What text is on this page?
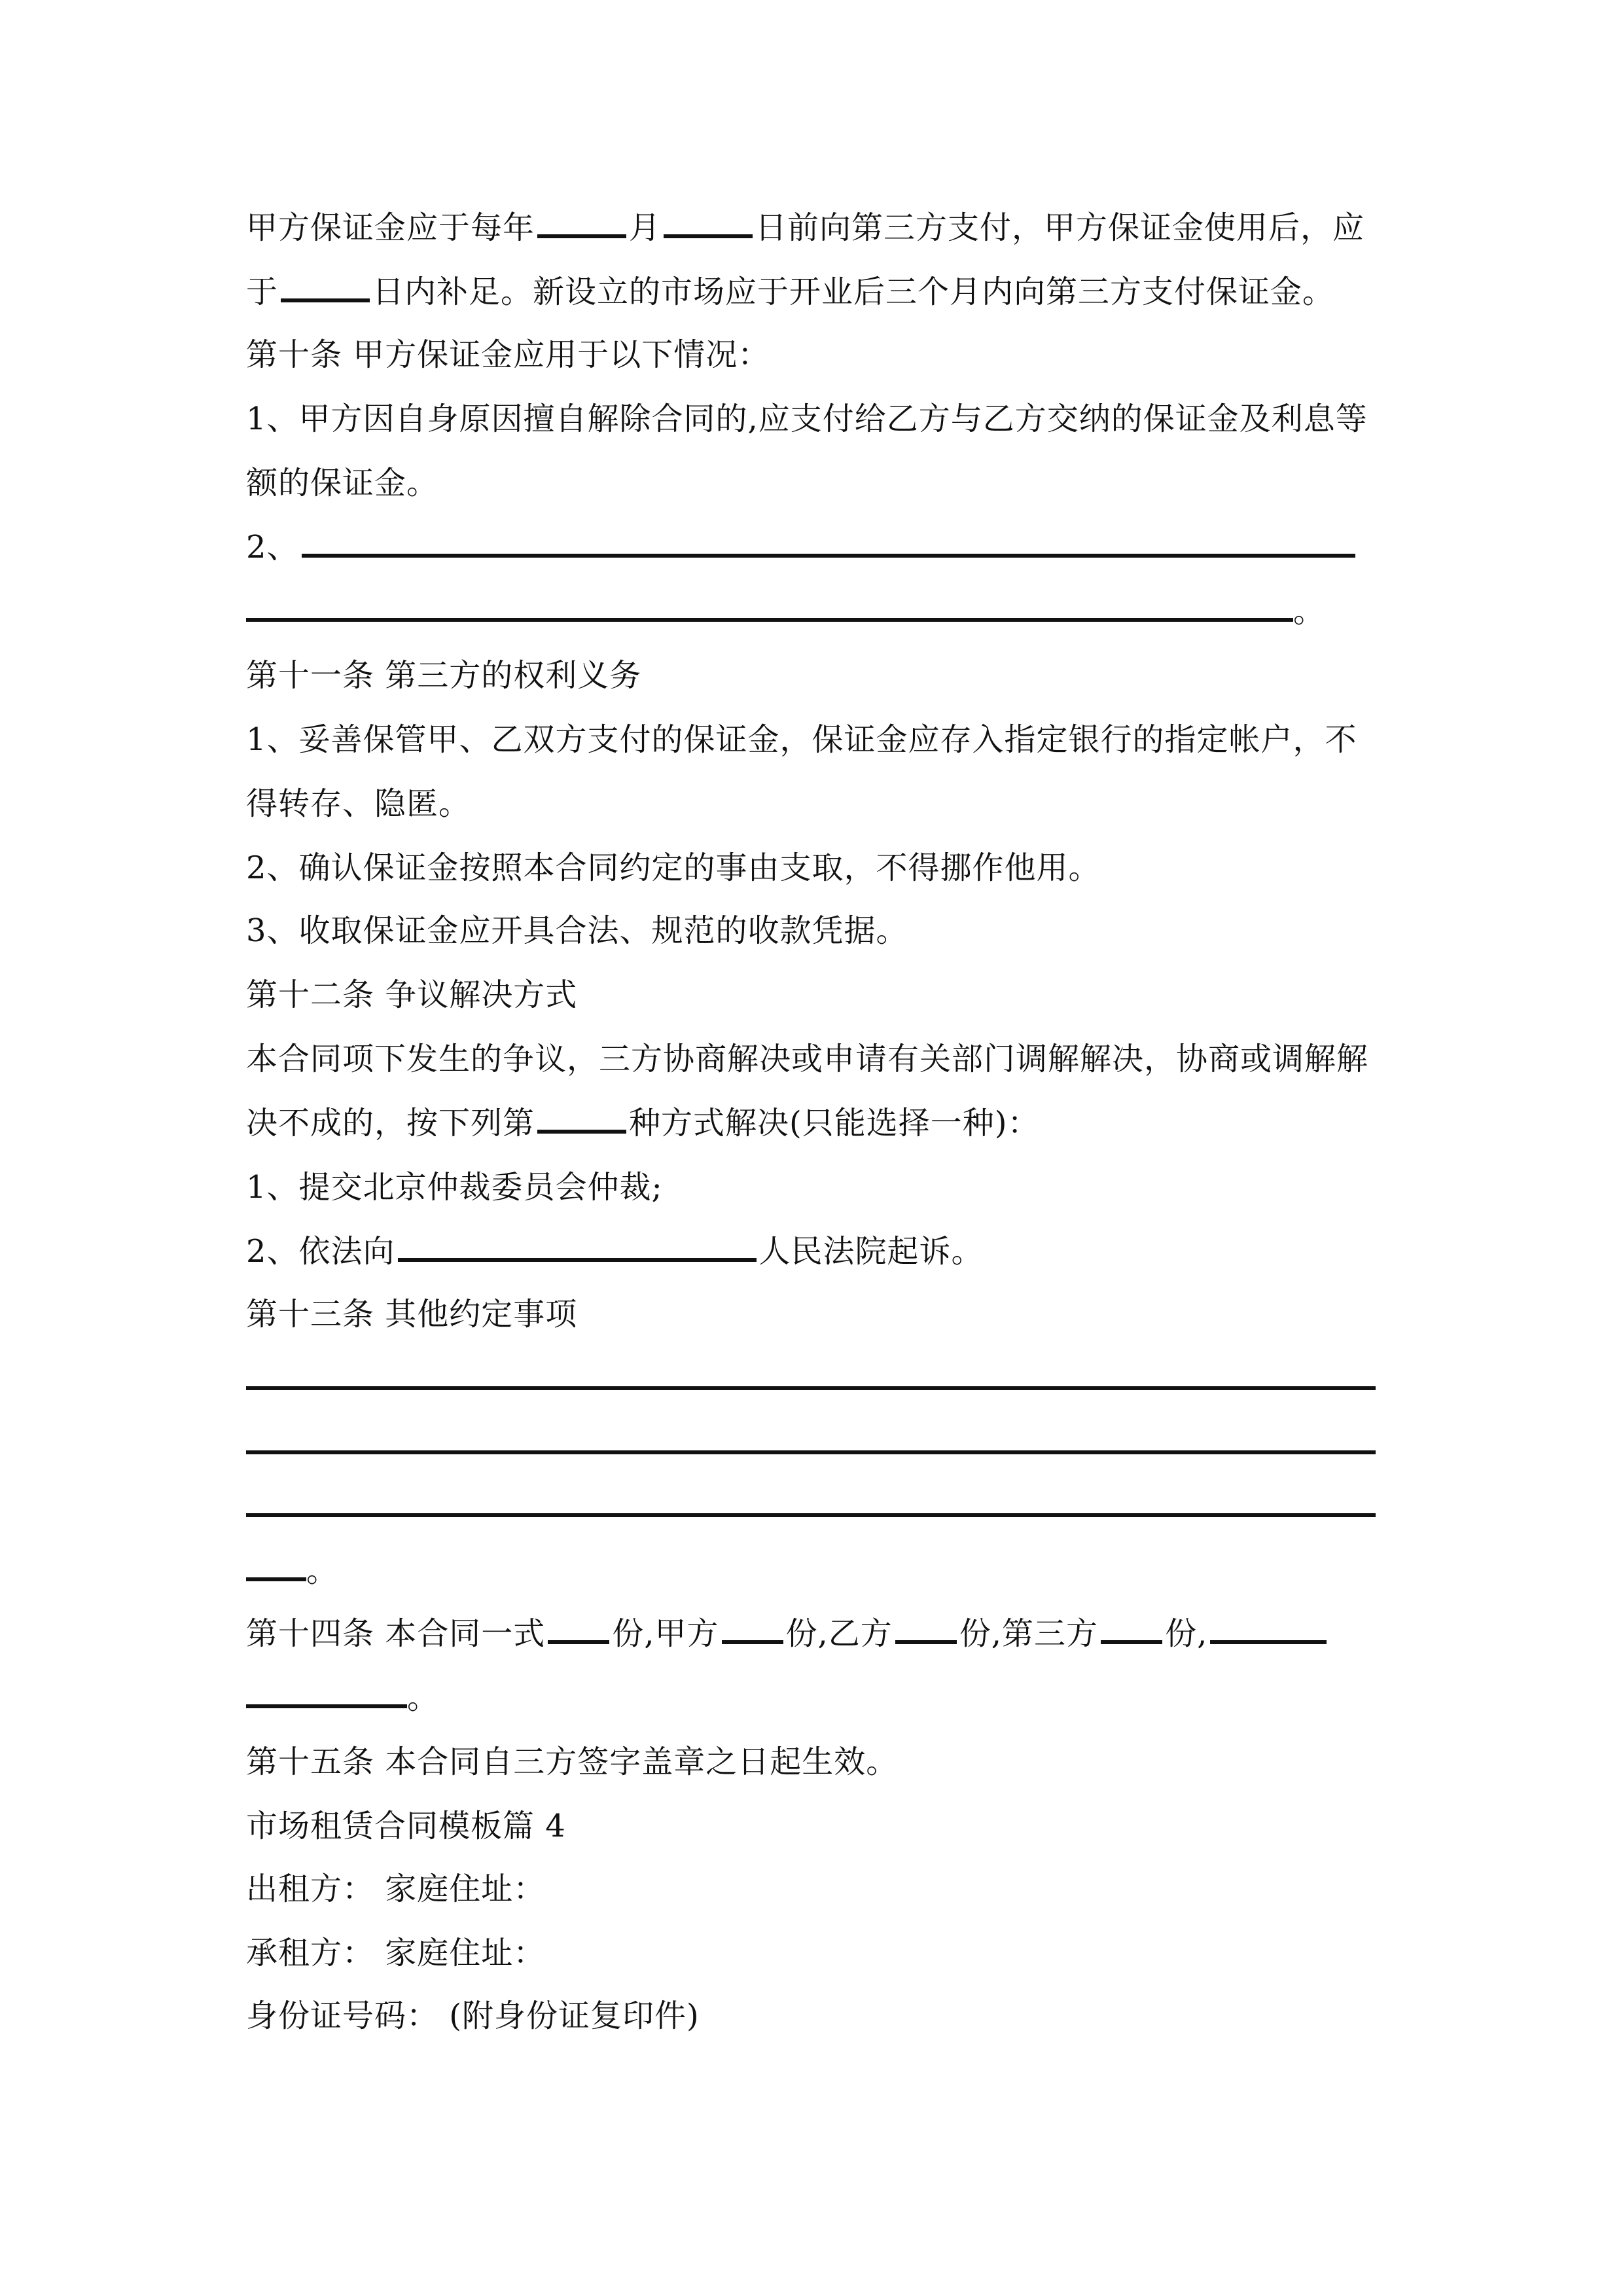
甲方保证金应于每年	月	日前向第三方支付，甲方保证金使用后，应
于	日内补足。新设立的市场应于开业后三个月内向第三方支付保证金。
第十条 甲方保证金应用于以下情况：
1、甲方因自身原因擅自解除合同的,应支付给乙方与乙方交纳的保证金及利息等
额的保证金。
2、
。
第十一条 第三方的权利义务
1、妥善保管甲、乙双方支付的保证金，保证金应存入指定银行的指定帐户，不
得转存、隐匿。
2、确认保证金按照本合同约定的事由支取，不得挪作他用。
3、收取保证金应开具合法、规范的收款凭据。
第十二条 争议解决方式
本合同项下发生的争议，三方协商解决或申请有关部门调解解决，协商或调解解
决不成的，按下列第	种方式解决(只能选择一种)：
1、提交北京仲裁委员会仲裁;
2、依法向	人民法院起诉。
第十三条 其他约定事项
。
第十四条 本合同一式 份,甲方 份,乙方 份,第三方 份,
。
第十五条 本合同自三方签字盖章之日起生效。
市场租赁合同模板篇 4
出租方： 家庭住址：
承租方： 家庭住址：
身份证号码： (附身份证复印件)
